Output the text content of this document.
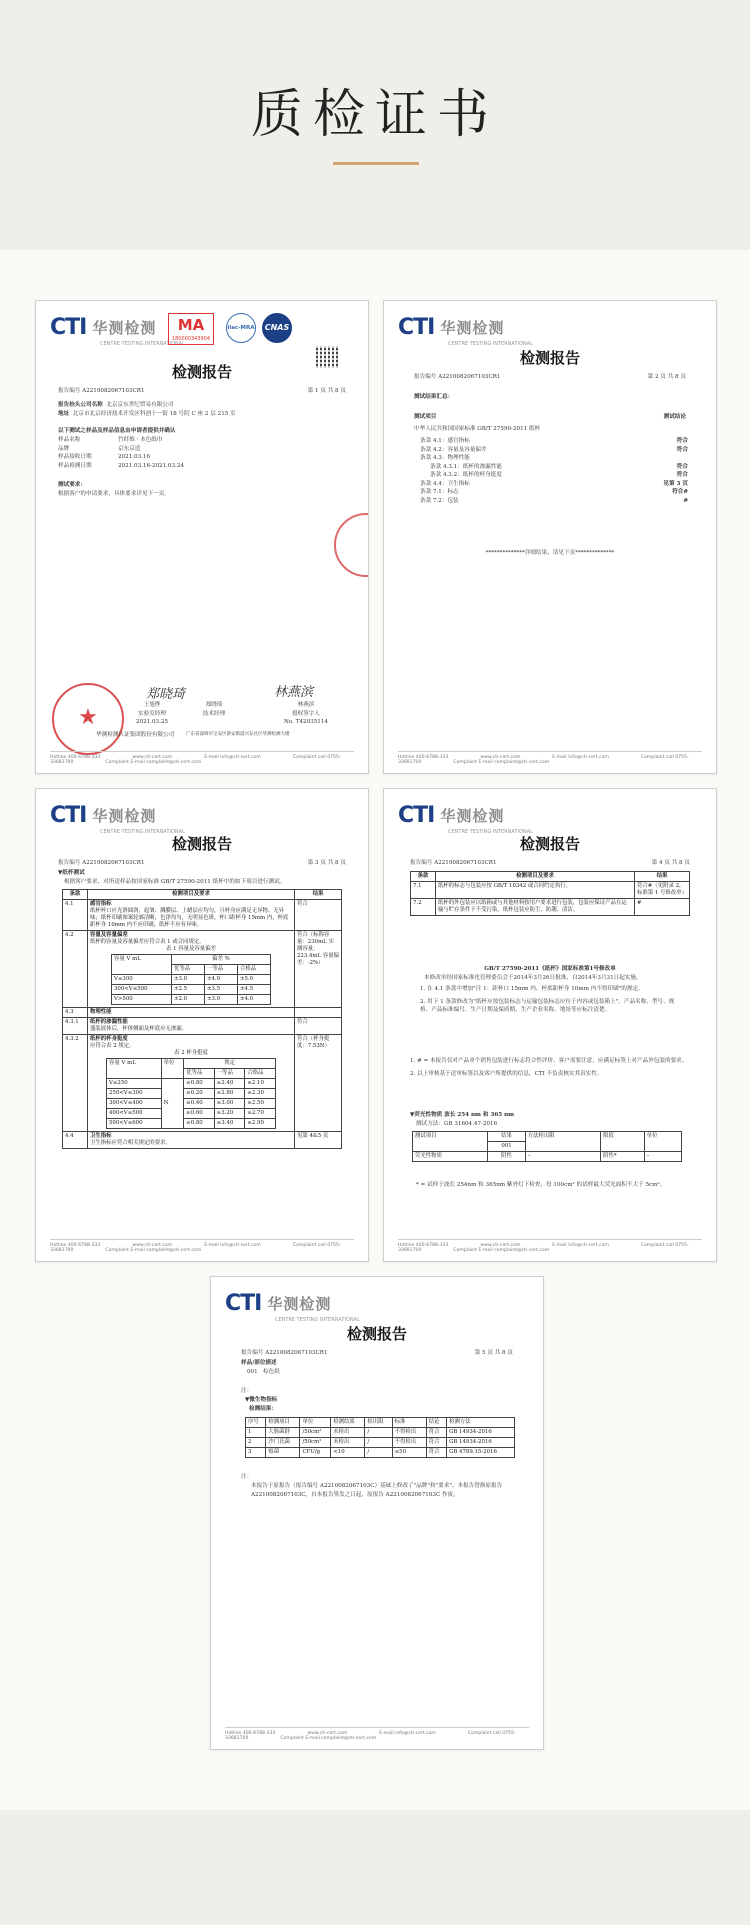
质检证书
CTI 华测检测
CENTRE TESTING INTERNATIONAL
MA
180000343904
ilac-MRA	CNAS
检测报告
报告编号 A2210082067103CR1	第 1 页 共 8 页
报告抬头公司名称 北京京东世纪贸易有限公司
地址 北京市北京经济技术开发区科创十一街 18 号院 C 座 2 层 215 室
以下测试之样品及样品信息由申请者提供并确认
样品名称	竹纤维 · 本色纸巾
品牌	京东京造
样品接收日期	2021.03.16
样品检测日期	2021.03.16-2021.03.24
测试要求：
根据客户的申请要求，具体要求详见下一页。
郑晓琦	林燕滨
王旭烨
实验室经理
2021.03.25
郑晓琦
技术经理
林燕滨
授权签字人
No. T42035114
★
华测检测认证集团股份有限公司	广东省深圳市宝安区新安街道兴东社区华测检测大楼
Hotline 400-6788-333	www.cti-cert.com	E-mail info@cti-cert.com	Complaint call 0755-33681700	Complaint E-mail complaint@cti-cert.com
CTI 华测检测
CENTRE TESTING INTERNATIONAL
检测报告
报告编号 A2210082067103CR1	第 2 页 共 8 页
测试结果汇总：
测试项目	测试结论
中华人民共和国国家标准 GB/T 27590-2011 纸杯
条款 4.1：感官指标	符合
条款 4.2：容量及容量偏差	符合
条款 4.3：物理性能
条款 4.3.1：纸杯的渗漏性能	符合
条款 4.3.2：纸杯的杯身挺度	符合
条款 4.4：卫生指标	见第 3 页
条款 7.1：标志	符合#
条款 7.2：包装	#
**************详细结果，请见下页**************
Hotline 400-6788-333	www.cti-cert.com	E-mail info@cti-cert.com	Complaint call 0755-33681700	Complaint E-mail complaint@cti-cert.com
CTI 华测检测
CENTRE TESTING INTERNATIONAL
检测报告
报告编号 A2210082067103CR1	第 3 页 共 8 页
▼纸杯测试
根据客户要求，对所送样品按国家标准 GB/T 27590-2011 纸杯中的如下项目进行测试。
条款	检测项目及要求	结果
4.1	感官指标
纸杯杯口应光滑圆润，起皱、溅膜层、上蜡层应均匀，且杯身应满足无异物、无异味；纸杯印刷图案轮廓清晰，色泽均匀，无明显色斑，杯口距杯身 15mm 内，杯底距杯身 10mm 内不应印刷，纸杯不应有异味。
	符合
4.2	容量及容量偏差
纸杯的容量及容量偏差应符合表 1 或合同规定。
表 1 容量及容量偏差
容量 V mL	偏差 %
优等品	一等品	合格品
V≤300	±3.0	±4.0	±5.0
300<V≤500	±2.5	±3.5	±4.5
V>500	±2.0	±3.0	±4.0
	符合（标称容量：230mL 实测容量：223.4mL 容量偏差：-2%）
4.3	物理性能	
4.3.1	纸杯的渗漏性能
盛装液体后，杯体侧面及杯底应无渗漏。
	符合
4.3.2	纸杯的杯身挺度
应符合表 2 规定。
表 2 杯身挺度
容量 V mL	单位	规定
优等品	一等品	合格品
V≤250	N	≥0.80	≥2.40	≥2.10
250<V≤300	≥0.20	≥2.80	≥2.30
300<V≤400	≥0.40	≥3.00	≥2.50
400<V≤500	≥0.60	≥3.20	≥2.70
500<V≤600	≥0.80	≥3.40	≥2.90
	符合（杯身挺度：7.53N）
4.4	卫生指标
卫生指标应符合相关规定的要求。
	见第 4&5 页
Hotline 400-6788-333	www.cti-cert.com	E-mail info@cti-cert.com	Complaint call 0755-33681700	Complaint E-mail complaint@cti-cert.com
CTI 华测检测
CENTRE TESTING INTERNATIONAL
检测报告
报告编号 A2210082067103CR1	第 4 页 共 8 页
条款	检测项目及要求	结果
7.1	纸杯的标志与包装应按 GB/T 10342 或合同约定执行。	符合#（见附录 2，标准第 1 号修改单）
7.2	纸杯的外包装应以纸箱或与其他材料按用户要求进行包装，包装应保证产品在运输与贮存条件下不受污染，纸杯包装应防尘、防潮、清洁。	#
GB/T 27590-2011《纸杯》国家标准第1号修改单
本修改单经国家标准化管理委员会于2014年3月26日批准，自2014年3月31日起实施。
1. 在 4.1 条款中增加"注 1：距杯口 15mm 内，杯底距杯身 10mm 内不得印刷"的规定。
2. 用下 1 条款修改为"纸杯应按包装标志与运输包装标志应位于内容或包装箱上"。产品名称、型号、规格、产品标准编号、生产日期及保质期、生产企业名称、地址等应标注清楚。
1. # = 本报告仅对产品单个销售包装进行标志符合性评价，客户需要注意，应满足标签上对产品外包装的要求。
2. 以上审核基于送审标签以及客户所提供的信息，CTI 不负责核实其真实性。
▼荧光性物质 波长 254 nm 和 365 nm
测试方法：GB 31604.47-2016
测试项目	结果	方法检出限	限值	单位
	001			
荧光性物质	阴性	–	阴性*	–
* = 试样于波长 254nm 和 365nm 紫外灯下检查，每 100cm² 的试样最大荧光面积不大于 5cm²。
Hotline 400-6788-333	www.cti-cert.com	E-mail info@cti-cert.com	Complaint call 0755-33681700	Complaint E-mail complaint@cti-cert.com
CTI 华测检测
CENTRE TESTING INTERNATIONAL
检测报告
报告编号 A2210082067103CR1	第 5 页 共 8 页
样品/部位描述
001 棕色纸
注：
▼微生物指标
检测结果：
序号	检测项目	单位	检测结果	检出限	标准	结论	检测方法
1	大肠菌群	/50cm²	未检出	/	不得检出	符合	GB 14934-2016
2	沙门氏菌	/50cm²	未检出	/	不得检出	符合	GB 14934-2016
3	霉菌	CFU/g	<10	/	≤50	符合	GB 4789.15-2016
注：
本报告于原报告（报告编号 A2210082067103C）基础上修改了"品牌"和"要求"。本报告替换原报告 A2210082067103C，自本报告签发之日起，原报告 A2210082067103C 作废。
Hotline 400-6788-333	www.cti-cert.com	E-mail info@cti-cert.com	Complaint call 0755-33681700	Complaint E-mail complaint@cti-cert.com
